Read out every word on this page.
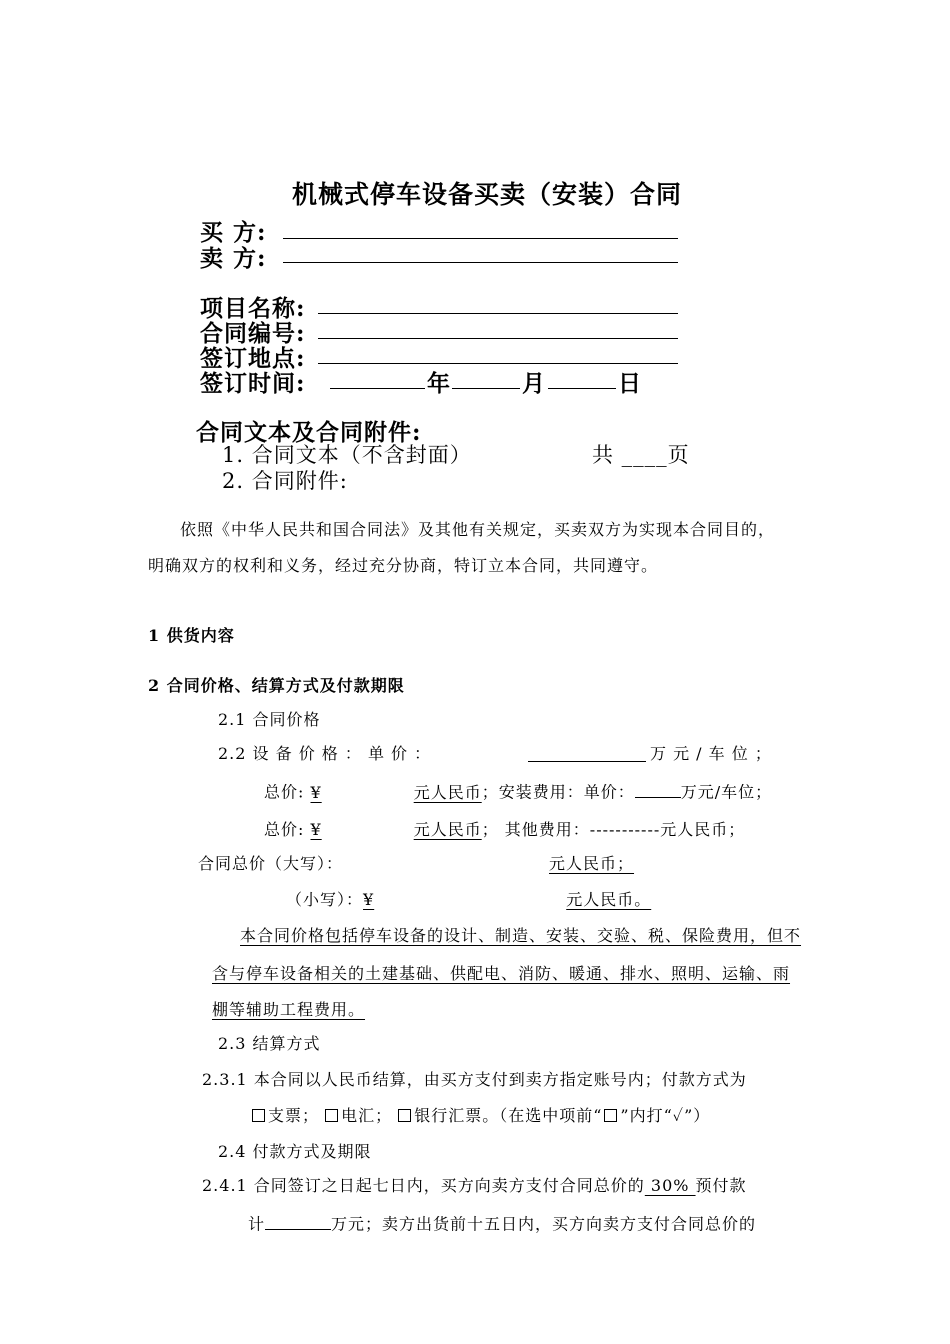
机械式停车设备买卖（安装）合同
买 方:
卖 方:
项目名称:
合同编号:
签订地点:
签订时间:	年	月	日
合同文本及合同附件:
1. 合同文本（不含封面）	共 ____页
2. 合同附件:
依照《中华人民共和国合同法》及其他有关规定，买卖双方为实现本合同目的，
明确双方的权利和义务，经过充分协商，特订立本合同，共同遵守。
1 供货内容
2 合同价格、结算方式及付款期限
2.1 合同价格
2.2 设 备 价 格 ： 单 价 ：	万 元 / 车 位 ；
总价: ¥	元人民币；安装费用：单价：	万元/车位；
总价: ¥	元人民币； 其他费用：-----------元人民币；
合同总价（大写）：	元人民币；
（小写）：¥	元人民币。
本合同价格包括停车设备的设计、制造、安装、交验、税、保险费用，但不
含与停车设备相关的土建基础、供配电、消防、暖通、排水、照明、运输、雨
棚等辅助工程费用。
2.3 结算方式
2.3.1 本合同以人民币结算，由买方支付到卖方指定账号内；付款方式为
支票； 电汇； 银行汇票。（在选中项前“ ”内打“✓”）
2.4 付款方式及期限
2.4.1 合同签订之日起七日内，买方向卖方支付合同总价的 30% 预付款
计	万元；卖方出货前十五日内，买方向卖方支付合同总价的
